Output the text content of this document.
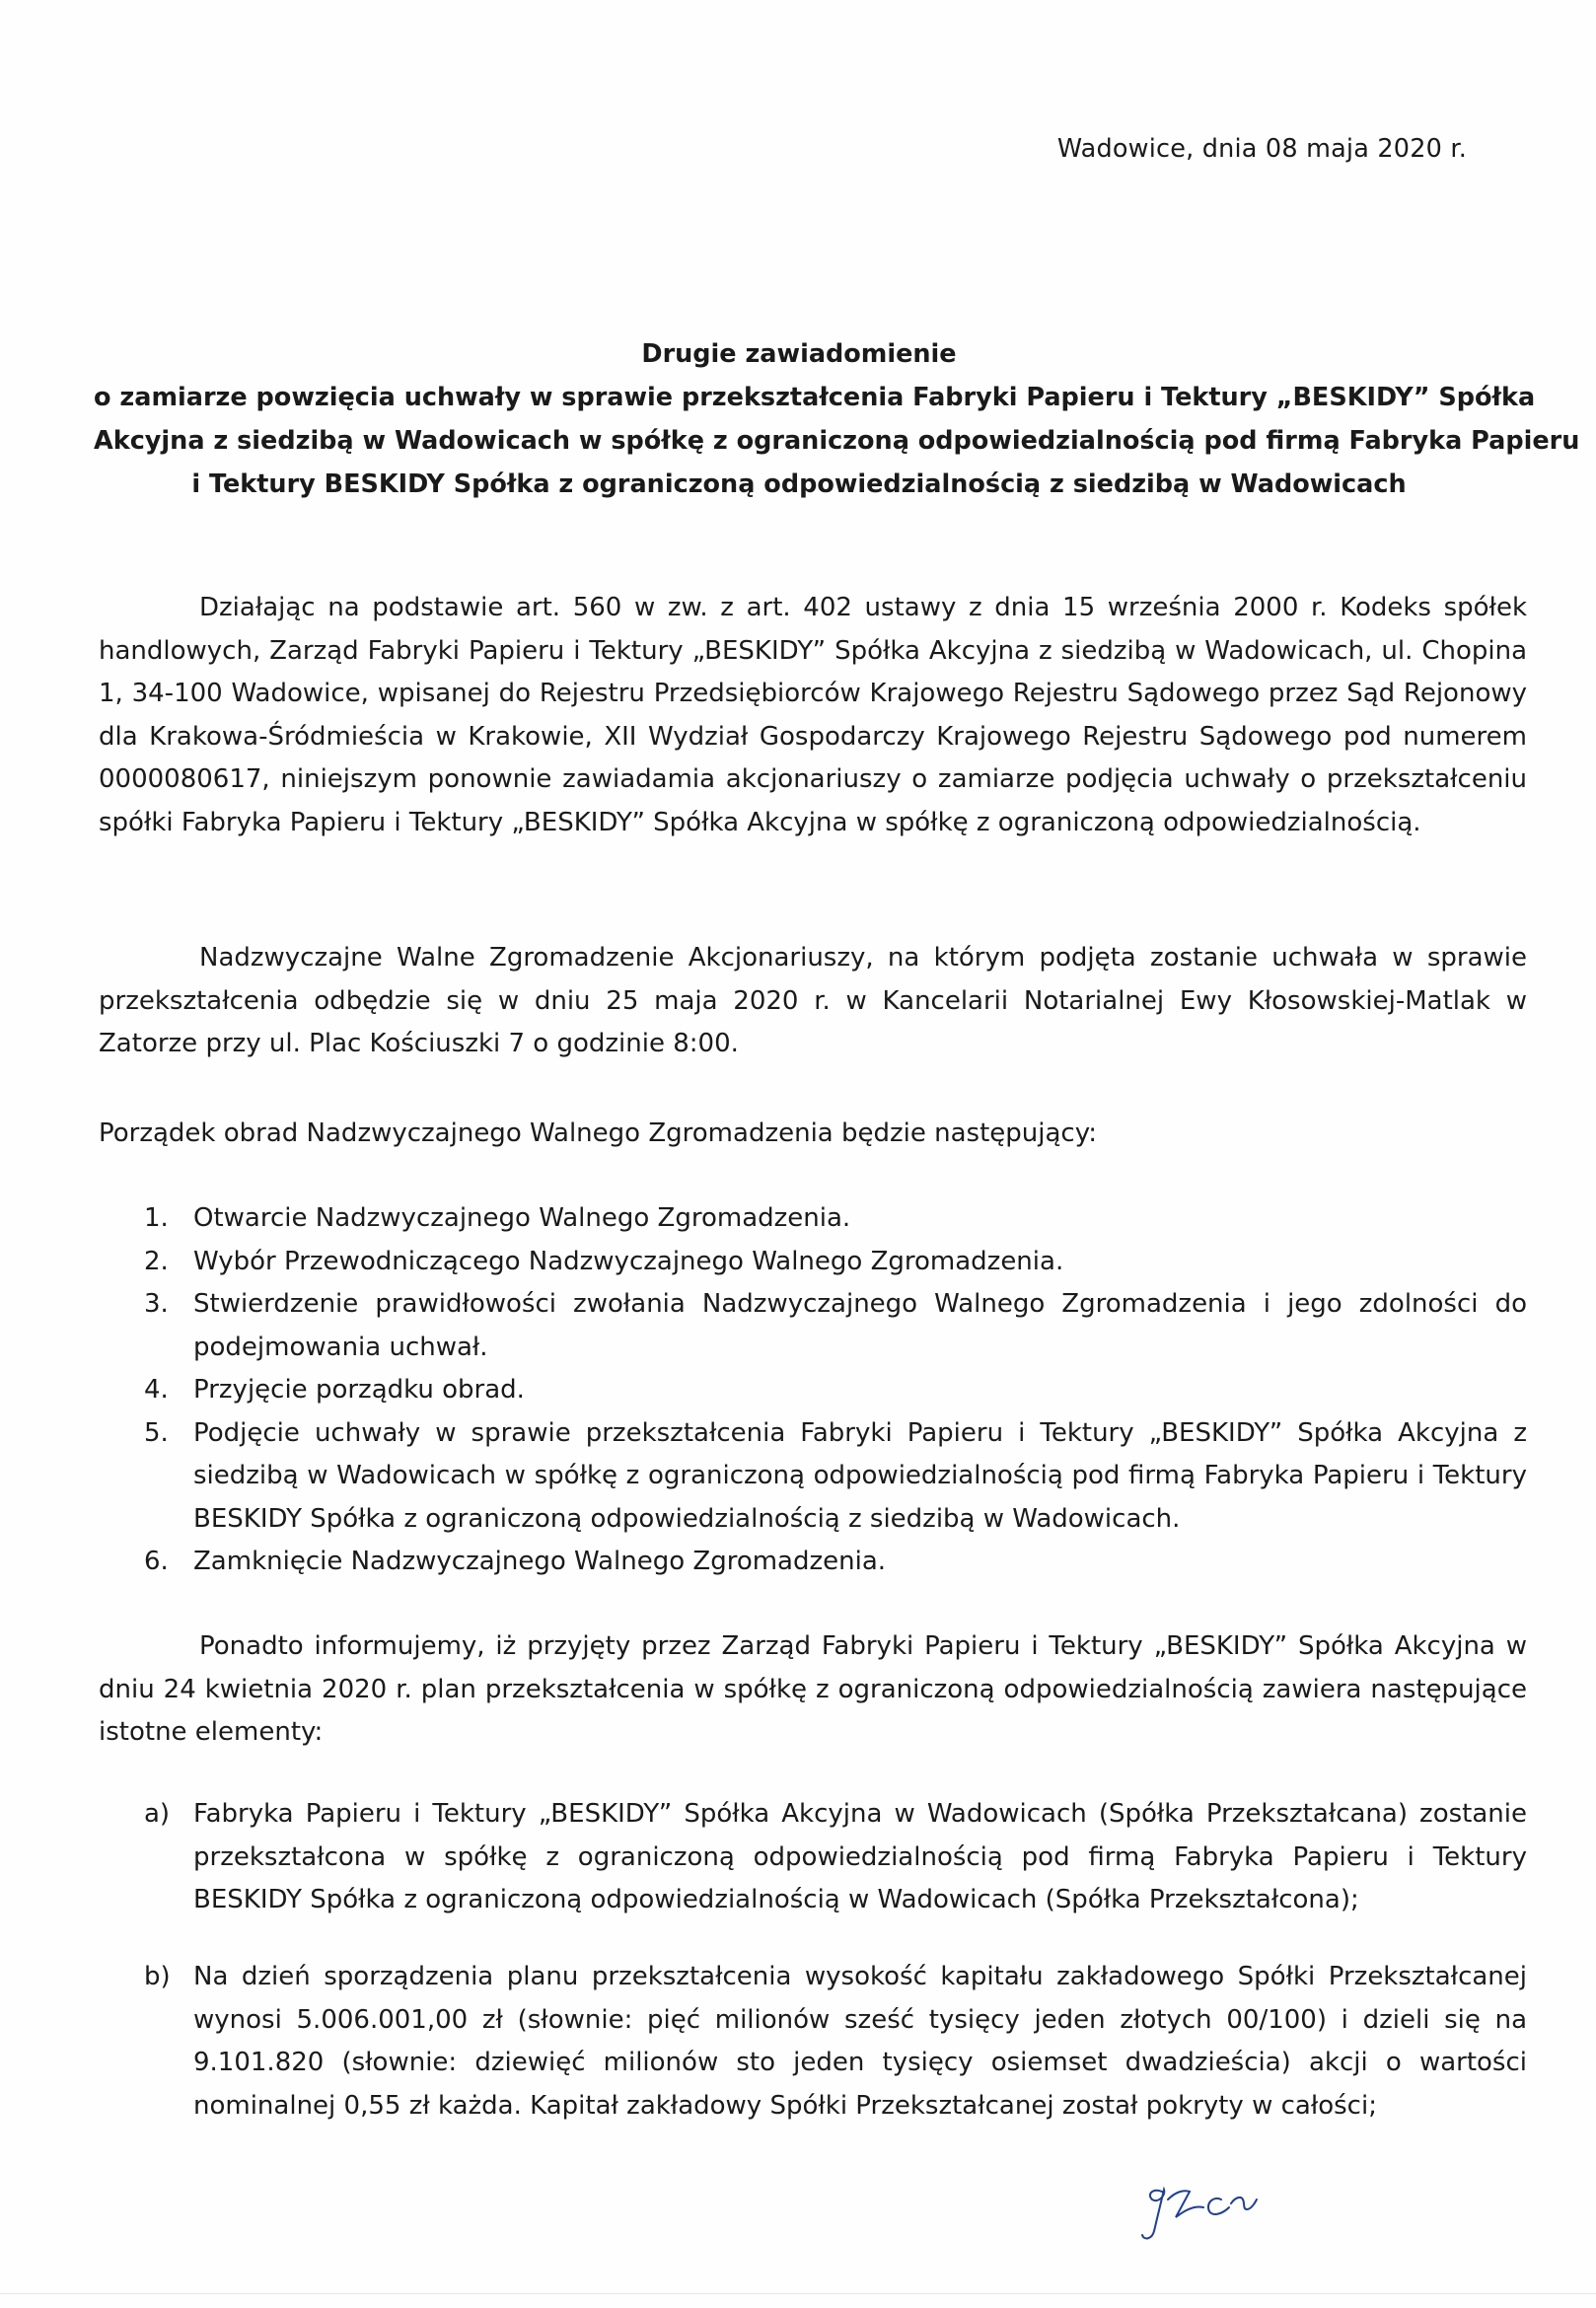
Wadowice, dnia 08 maja 2020 r.
Drugie zawiadomienie
o zamiarze powzięcia uchwały w sprawie przekształcenia Fabryki Papieru i Tektury „BESKIDY” Spółka
Akcyjna z siedzibą w Wadowicach w spółkę z ograniczoną odpowiedzialnością pod firmą Fabryka Papieru
i Tektury BESKIDY Spółka z ograniczoną odpowiedzialnością z siedzibą w Wadowicach

Działając na podstawie art. 560 w zw. z art. 402 ustawy z dnia 15 września 2000 r. Kodeks spółek handlowych, Zarząd Fabryki Papieru i Tektury „BESKIDY” Spółka Akcyjna z siedzibą w Wadowicach, ul. Chopina 1, 34-100 Wadowice, wpisanej do Rejestru Przedsiębiorców Krajowego Rejestru Sądowego przez Sąd Rejonowy dla Krakowa-Śródmieścia w Krakowie, XII Wydział Gospodarczy Krajowego Rejestru Sądowego pod numerem 0000080617, niniejszym ponownie zawiadamia akcjonariuszy o zamiarze podjęcia uchwały o przekształceniu spółki Fabryka Papieru i Tektury „BESKIDY” Spółka Akcyjna w spółkę z ograniczoną odpowiedzialnością.

Nadzwyczajne Walne Zgromadzenie Akcjonariuszy, na którym podjęta zostanie uchwała w sprawie przekształcenia odbędzie się w dniu 25 maja 2020 r. w Kancelarii Notarialnej Ewy Kłosowskiej-Matlak w Zatorze przy ul. Plac Kościuszki 7 o godzinie 8:00.

Porządek obrad Nadzwyczajnego Walnego Zgromadzenia będzie następujący:

1. Otwarcie Nadzwyczajnego Walnego Zgromadzenia.
2. Wybór Przewodniczącego Nadzwyczajnego Walnego Zgromadzenia.
3. Stwierdzenie prawidłowości zwołania Nadzwyczajnego Walnego Zgromadzenia i jego zdolności do podejmowania uchwał.
4. Przyjęcie porządku obrad.
5. Podjęcie uchwały w sprawie przekształcenia Fabryki Papieru i Tektury „BESKIDY” Spółka Akcyjna z siedzibą w Wadowicach w spółkę z ograniczoną odpowiedzialnością pod firmą Fabryka Papieru i Tektury BESKIDY Spółka z ograniczoną odpowiedzialnością z siedzibą w Wadowicach.
6. Zamknięcie Nadzwyczajnego Walnego Zgromadzenia.

Ponadto informujemy, iż przyjęty przez Zarząd Fabryki Papieru i Tektury „BESKIDY” Spółka Akcyjna w dniu 24 kwietnia 2020 r. plan przekształcenia w spółkę z ograniczoną odpowiedzialnością zawiera następujące istotne elementy:

a) Fabryka Papieru i Tektury „BESKIDY” Spółka Akcyjna w Wadowicach (Spółka Przekształcana) zostanie przekształcona w spółkę z ograniczoną odpowiedzialnością pod firmą Fabryka Papieru i Tektury BESKIDY Spółka z ograniczoną odpowiedzialnością w Wadowicach (Spółka Przekształcona);
b) Na dzień sporządzenia planu przekształcenia wysokość kapitału zakładowego Spółki Przekształcanej wynosi 5.006.001,00 zł (słownie: pięć milionów sześć tysięcy jeden złotych 00/100) i dzieli się na 9.101.820 (słownie: dziewięć milionów sto jeden tysięcy osiemset dwadzieścia) akcji o wartości nominalnej 0,55 zł każda. Kapitał zakładowy Spółki Przekształcanej został pokryty w całości;
